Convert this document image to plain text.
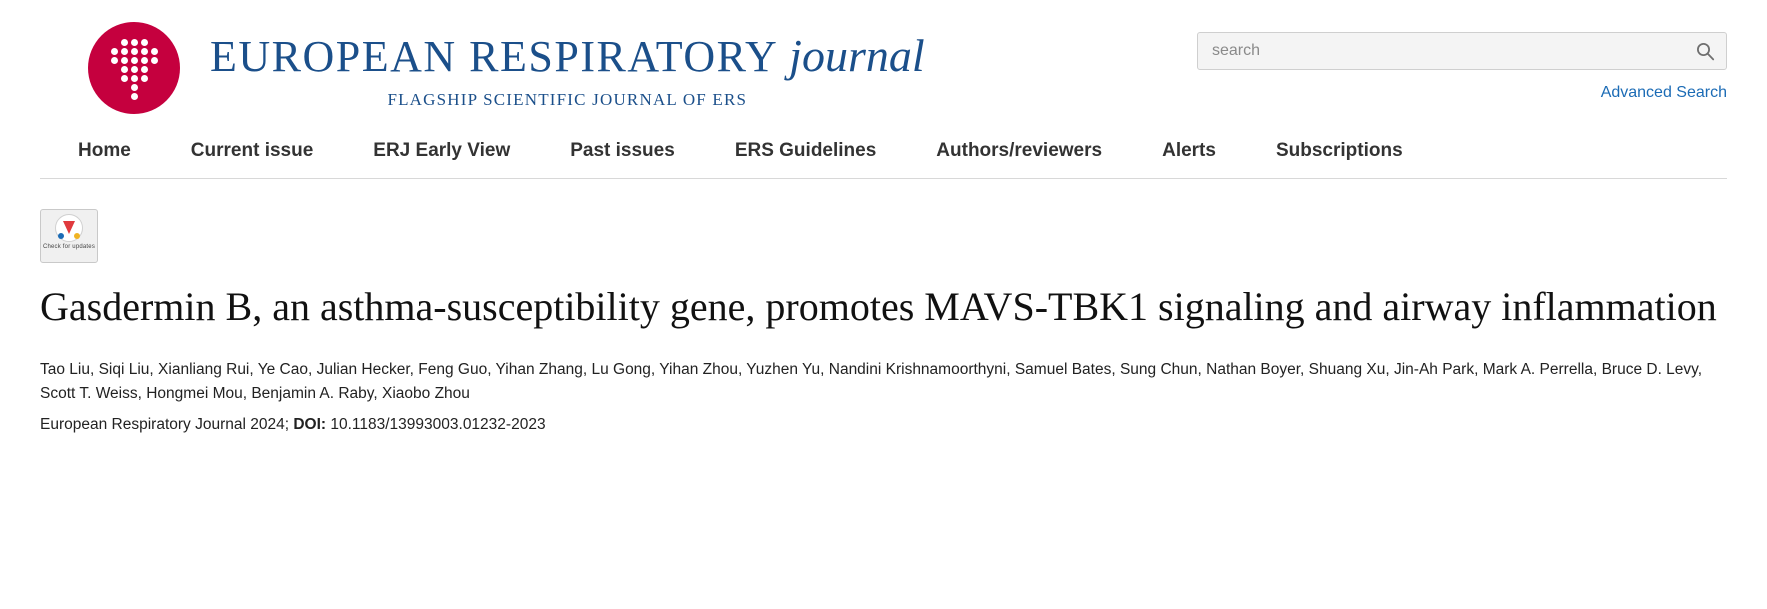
EUROPEAN RESPIRATORY journal
FLAGSHIP SCIENTIFIC JOURNAL OF ERS
search	Advanced Search
Home	Current issue	ERJ Early View	Past issues	ERS Guidelines	Authors/reviewers	Alerts	Subscriptions
Check for updates
Gasdermin B, an asthma-susceptibility gene, promotes MAVS-TBK1 signaling and airway inflammation
Tao Liu, Siqi Liu, Xianliang Rui, Ye Cao, Julian Hecker, Feng Guo, Yihan Zhang, Lu Gong, Yihan Zhou, Yuzhen Yu, Nandini Krishnamoorthyni, Samuel Bates, Sung Chun, Nathan Boyer, Shuang Xu, Jin-Ah Park, Mark A. Perrella, Bruce D. Levy, Scott T. Weiss, Hongmei Mou, Benjamin A. Raby, Xiaobo Zhou
European Respiratory Journal 2024; DOI: 10.1183/13993003.01232-2023
